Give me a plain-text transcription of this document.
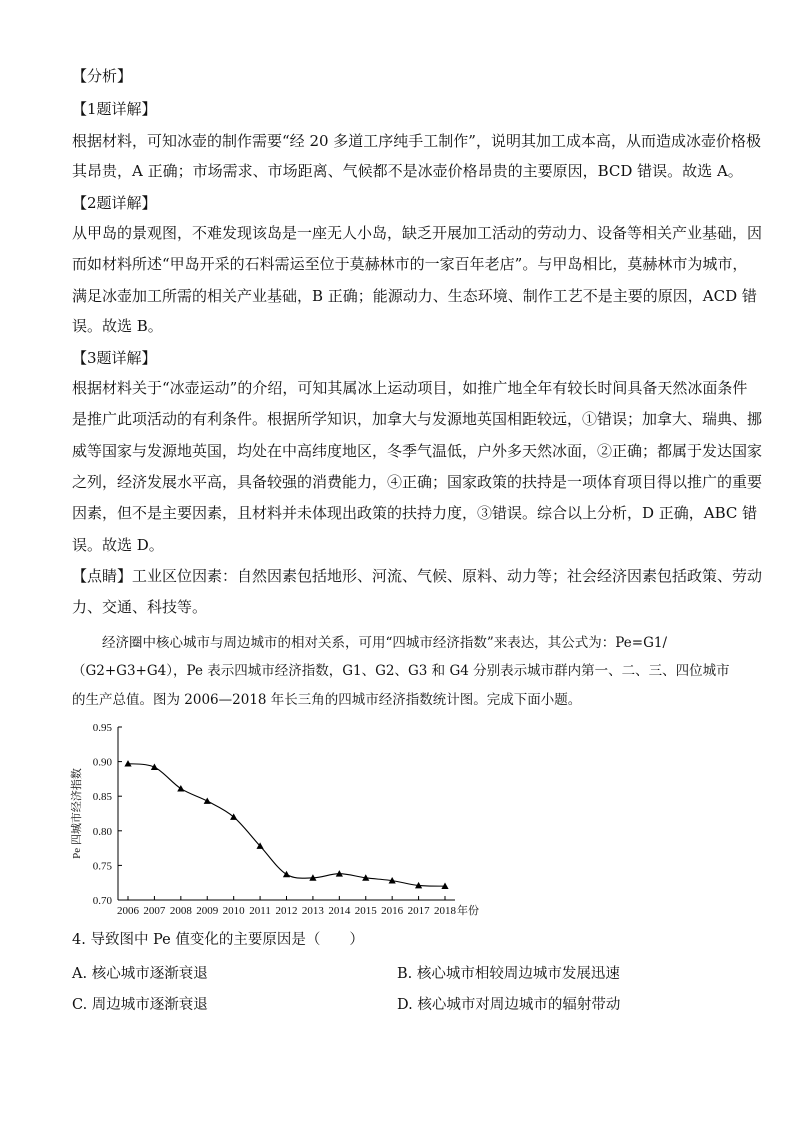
【分析】
【1题详解】
根据材料，可知冰壶的制作需要“经 20 多道工序纯手工制作”，说明其加工成本高，从而造成冰壶价格极
其昂贵，A 正确；市场需求、市场距离、气候都不是冰壶价格昂贵的主要原因，BCD 错误。故选 A。
【2题详解】
从甲岛的景观图，不难发现该岛是一座无人小岛，缺乏开展加工活动的劳动力、设备等相关产业基础，因
而如材料所述“甲岛开采的石料需运至位于莫赫林市的一家百年老店”。与甲岛相比，莫赫林市为城市，
满足冰壶加工所需的相关产业基础，B 正确；能源动力、生态环境、制作工艺不是主要的原因，ACD 错
误。故选 B。
【3题详解】
根据材料关于“冰壶运动”的介绍，可知其属冰上运动项目，如推广地全年有较长时间具备天然冰面条件
是推广此项活动的有利条件。根据所学知识，加拿大与发源地英国相距较远，①错误；加拿大、瑞典、挪
威等国家与发源地英国，均处在中高纬度地区，冬季气温低，户外多天然冰面，②正确；都属于发达国家
之列，经济发展水平高，具备较强的消费能力，④正确；国家政策的扶持是一项体育项目得以推广的重要
因素，但不是主要因素，且材料并未体现出政策的扶持力度，③错误。综合以上分析，D 正确，ABC 错
误。故选 D。
【点睛】工业区位因素：自然因素包括地形、河流、气候、原料、动力等；社会经济因素包括政策、劳动
力、交通、科技等。
经济圈中核心城市与周边城市的相对关系，可用“四城市经济指数”来表达，其公式为：Pe=G1/
（G2+G3+G4），Pe 表示四城市经济指数，G1、G2、G3 和 G4 分别表示城市群内第一、二、三、四位城市
的生产总值。图为 2006—2018 年长三角的四城市经济指数统计图。完成下面小题。
0.70
0.75
0.80
0.85
0.90
0.95
2006 2007 2008 2009 2010 2011 2012 2013 2014 2015 2016 2017 2018 年份
Pe 四城市经济指数
4. 导致图中 Pe 值变化的主要原因是（　　）
A. 核心城市逐渐衰退	B. 核心城市相较周边城市发展迅速
C. 周边城市逐渐衰退	D. 核心城市对周边城市的辐射带动
